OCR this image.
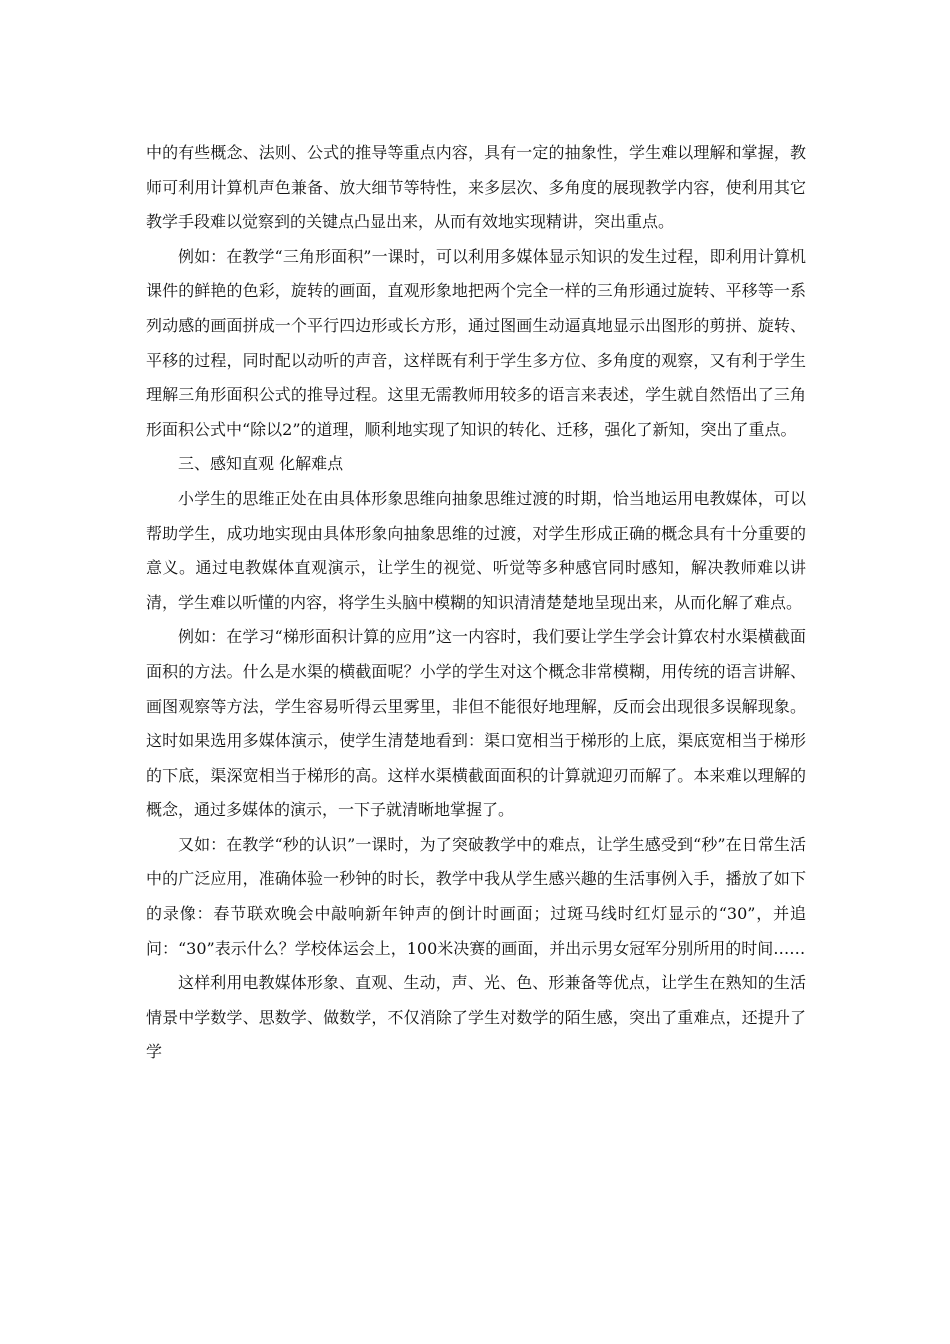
中的有些概念、法则、公式的推导等重点内容，具有一定的抽象性，学生难以理解和掌握，教师可利用计算机声色兼备、放大细节等特性，来多层次、多角度的展现教学内容，使利用其它教学手段难以觉察到的关键点凸显出来，从而有效地实现精讲，突出重点。

例如：在教学“三角形面积”一课时，可以利用多媒体显示知识的发生过程，即利用计算机课件的鲜艳的色彩，旋转的画面，直观形象地把两个完全一样的三角形通过旋转、平移等一系列动感的画面拼成一个平行四边形或长方形，通过图画生动逼真地显示出图形的剪拼、旋转、平移的过程，同时配以动听的声音，这样既有利于学生多方位、多角度的观察，又有利于学生理解三角形面积公式的推导过程。这里无需教师用较多的语言来表述，学生就自然悟出了三角形面积公式中“除以2”的道理，顺利地实现了知识的转化、迁移，强化了新知，突出了重点。

三、感知直观 化解难点

小学生的思维正处在由具体形象思维向抽象思维过渡的时期，恰当地运用电教媒体，可以帮助学生，成功地实现由具体形象向抽象思维的过渡，对学生形成正确的概念具有十分重要的意义。通过电教媒体直观演示，让学生的视觉、听觉等多种感官同时感知，解决教师难以讲清，学生难以听懂的内容，将学生头脑中模糊的知识清清楚楚地呈现出来，从而化解了难点。

例如：在学习“梯形面积计算的应用”这一内容时，我们要让学生学会计算农村水渠横截面面积的方法。什么是水渠的横截面呢？小学的学生对这个概念非常模糊，用传统的语言讲解、画图观察等方法，学生容易听得云里雾里，非但不能很好地理解，反而会出现很多误解现象。这时如果选用多媒体演示，使学生清楚地看到：渠口宽相当于梯形的上底，渠底宽相当于梯形的下底，渠深宽相当于梯形的高。这样水渠横截面面积的计算就迎刃而解了。本来难以理解的概念，通过多媒体的演示，一下子就清晰地掌握了。

又如：在教学“秒的认识”一课时，为了突破教学中的难点，让学生感受到“秒”在日常生活中的广泛应用，准确体验一秒钟的时长，教学中我从学生感兴趣的生活事例入手，播放了如下的录像：春节联欢晚会中敲响新年钟声的倒计时画面；过斑马线时红灯显示的“30”，并追问：“30”表示什么？学校体运会上，100米决赛的画面，并出示男女冠军分别所用的时间……

这样利用电教媒体形象、直观、生动，声、光、色、形兼备等优点，让学生在熟知的生活情景中学数学、思数学、做数学，不仅消除了学生对数学的陌生感，突出了重难点，还提升了学
